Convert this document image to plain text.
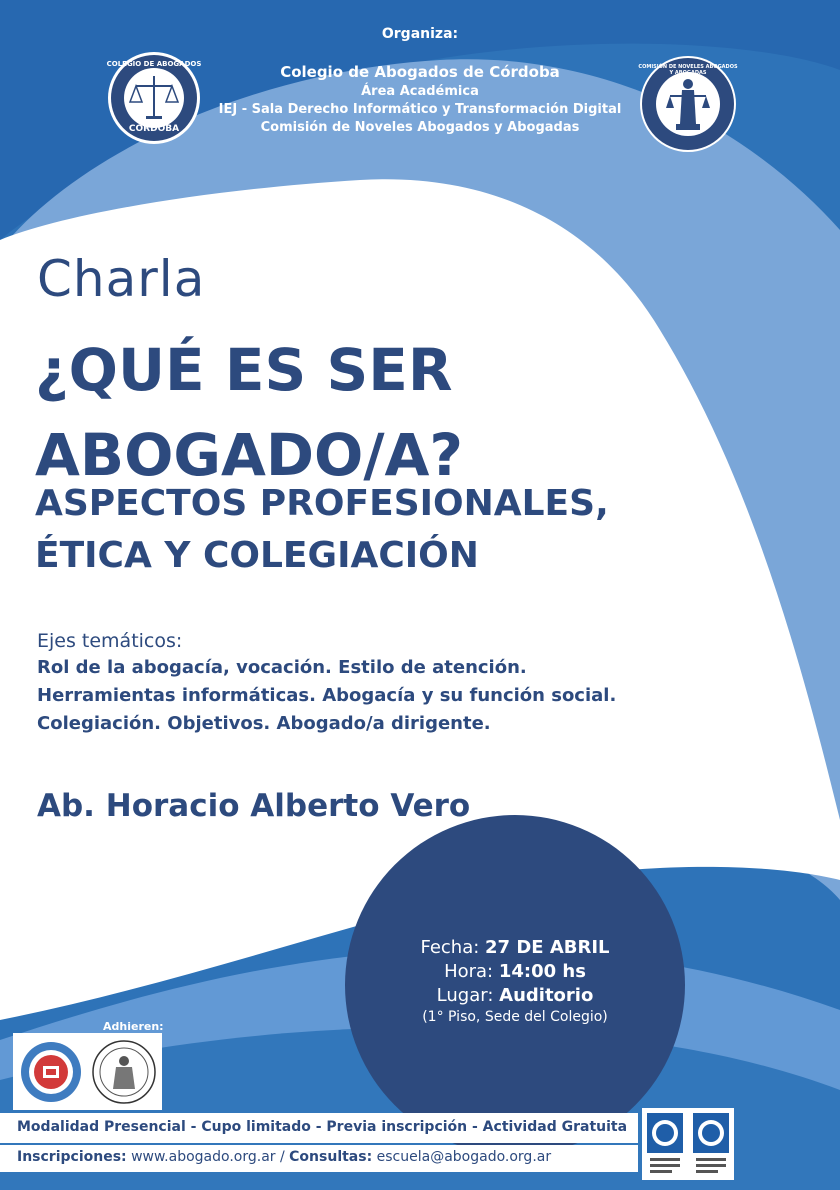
Organiza:
COLEGIO DE ABOGADOS
CÓRDOBA
Colegio de Abogados de Córdoba
Área Académica
IEJ - Sala Derecho Informático y Transformación Digital
Comisión de Noveles Abogados y Abogadas
COMISIÓN DE NOVELES ABOGADOS Y ABOGADAS
Charla
¿QUÉ ES SER
ABOGADO/A?
ASPECTOS PROFESIONALES,
ÉTICA Y COLEGIACIÓN
Ejes temáticos:
Rol de la abogacía, vocación. Estilo de atención.
Herramientas informáticas. Abogacía y su función social.
Colegiación. Objetivos. Abogado/a dirigente.
Ab. Horacio Alberto Vero
Fecha: 27 DE ABRIL
Hora: 14:00 hs
Lugar: Auditorio
(1° Piso, Sede del Colegio)
Adhieren:
Modalidad Presencial - Cupo limitado - Previa inscripción - Actividad Gratuita
Inscripciones: www.abogado.org.ar / Consultas: escuela@abogado.org.ar
